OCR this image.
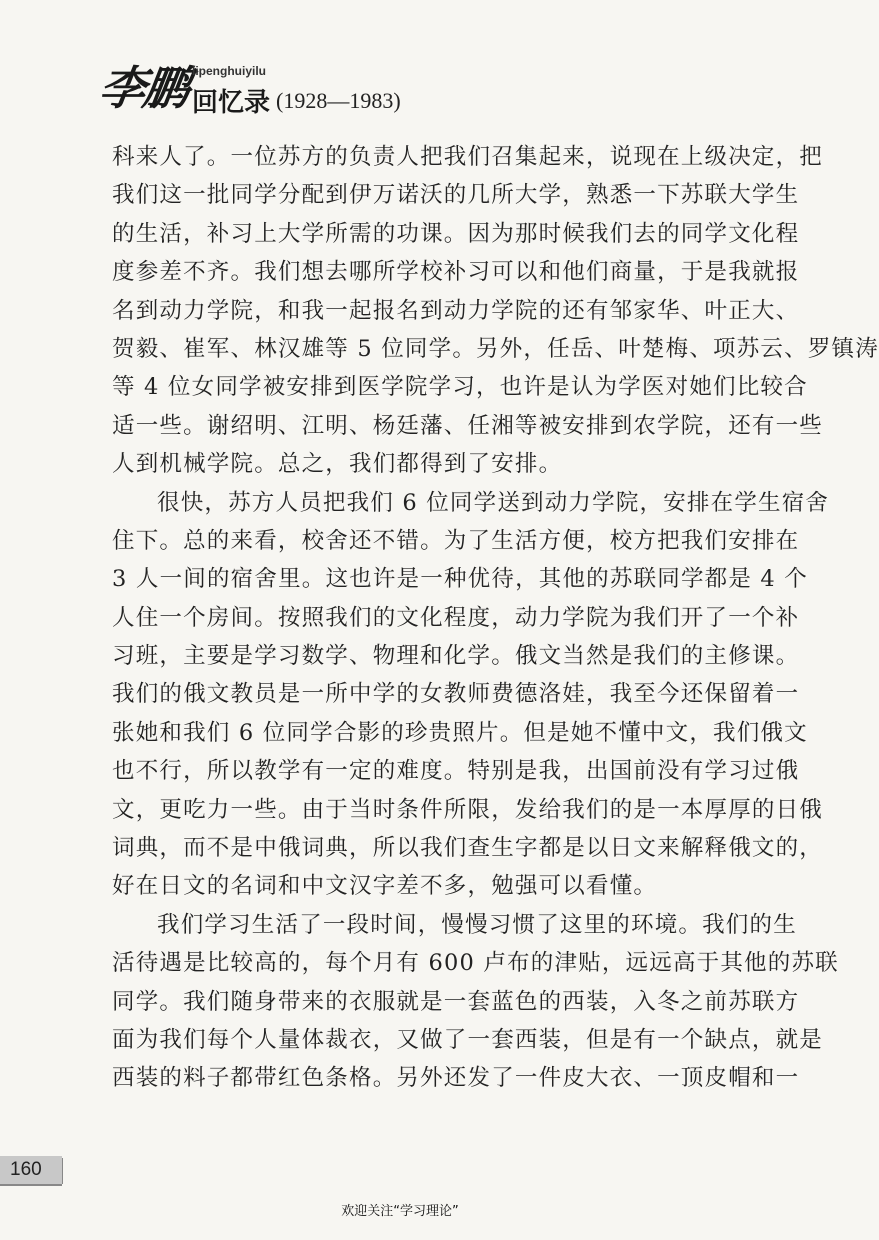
李鹏 lipenghuiyilu
回忆录 (1928—1983)
科来人了。一位苏方的负责人把我们召集起来，说现在上级决定，把
我们这一批同学分配到伊万诺沃的几所大学，熟悉一下苏联大学生
的生活，补习上大学所需的功课。因为那时候我们去的同学文化程
度参差不齐。我们想去哪所学校补习可以和他们商量，于是我就报
名到动力学院，和我一起报名到动力学院的还有邹家华、叶正大、
贺毅、崔军、林汉雄等 5 位同学。另外，任岳、叶楚梅、项苏云、罗镇涛
等 4 位女同学被安排到医学院学习，也许是认为学医对她们比较合
适一些。谢绍明、江明、杨廷藩、任湘等被安排到农学院，还有一些
人到机械学院。总之，我们都得到了安排。
很快，苏方人员把我们 6 位同学送到动力学院，安排在学生宿舍
住下。总的来看，校舍还不错。为了生活方便，校方把我们安排在
3 人一间的宿舍里。这也许是一种优待，其他的苏联同学都是 4 个
人住一个房间。按照我们的文化程度，动力学院为我们开了一个补
习班，主要是学习数学、物理和化学。俄文当然是我们的主修课。
我们的俄文教员是一所中学的女教师费德洛娃，我至今还保留着一
张她和我们 6 位同学合影的珍贵照片。但是她不懂中文，我们俄文
也不行，所以教学有一定的难度。特别是我，出国前没有学习过俄
文，更吃力一些。由于当时条件所限，发给我们的是一本厚厚的日俄
词典，而不是中俄词典，所以我们查生字都是以日文来解释俄文的，
好在日文的名词和中文汉字差不多，勉强可以看懂。
我们学习生活了一段时间，慢慢习惯了这里的环境。我们的生
活待遇是比较高的，每个月有 600 卢布的津贴，远远高于其他的苏联
同学。我们随身带来的衣服就是一套蓝色的西装，入冬之前苏联方
面为我们每个人量体裁衣，又做了一套西装，但是有一个缺点，就是
西装的料子都带红色条格。另外还发了一件皮大衣、一顶皮帽和一
160
欢迎关注“学习理论”
